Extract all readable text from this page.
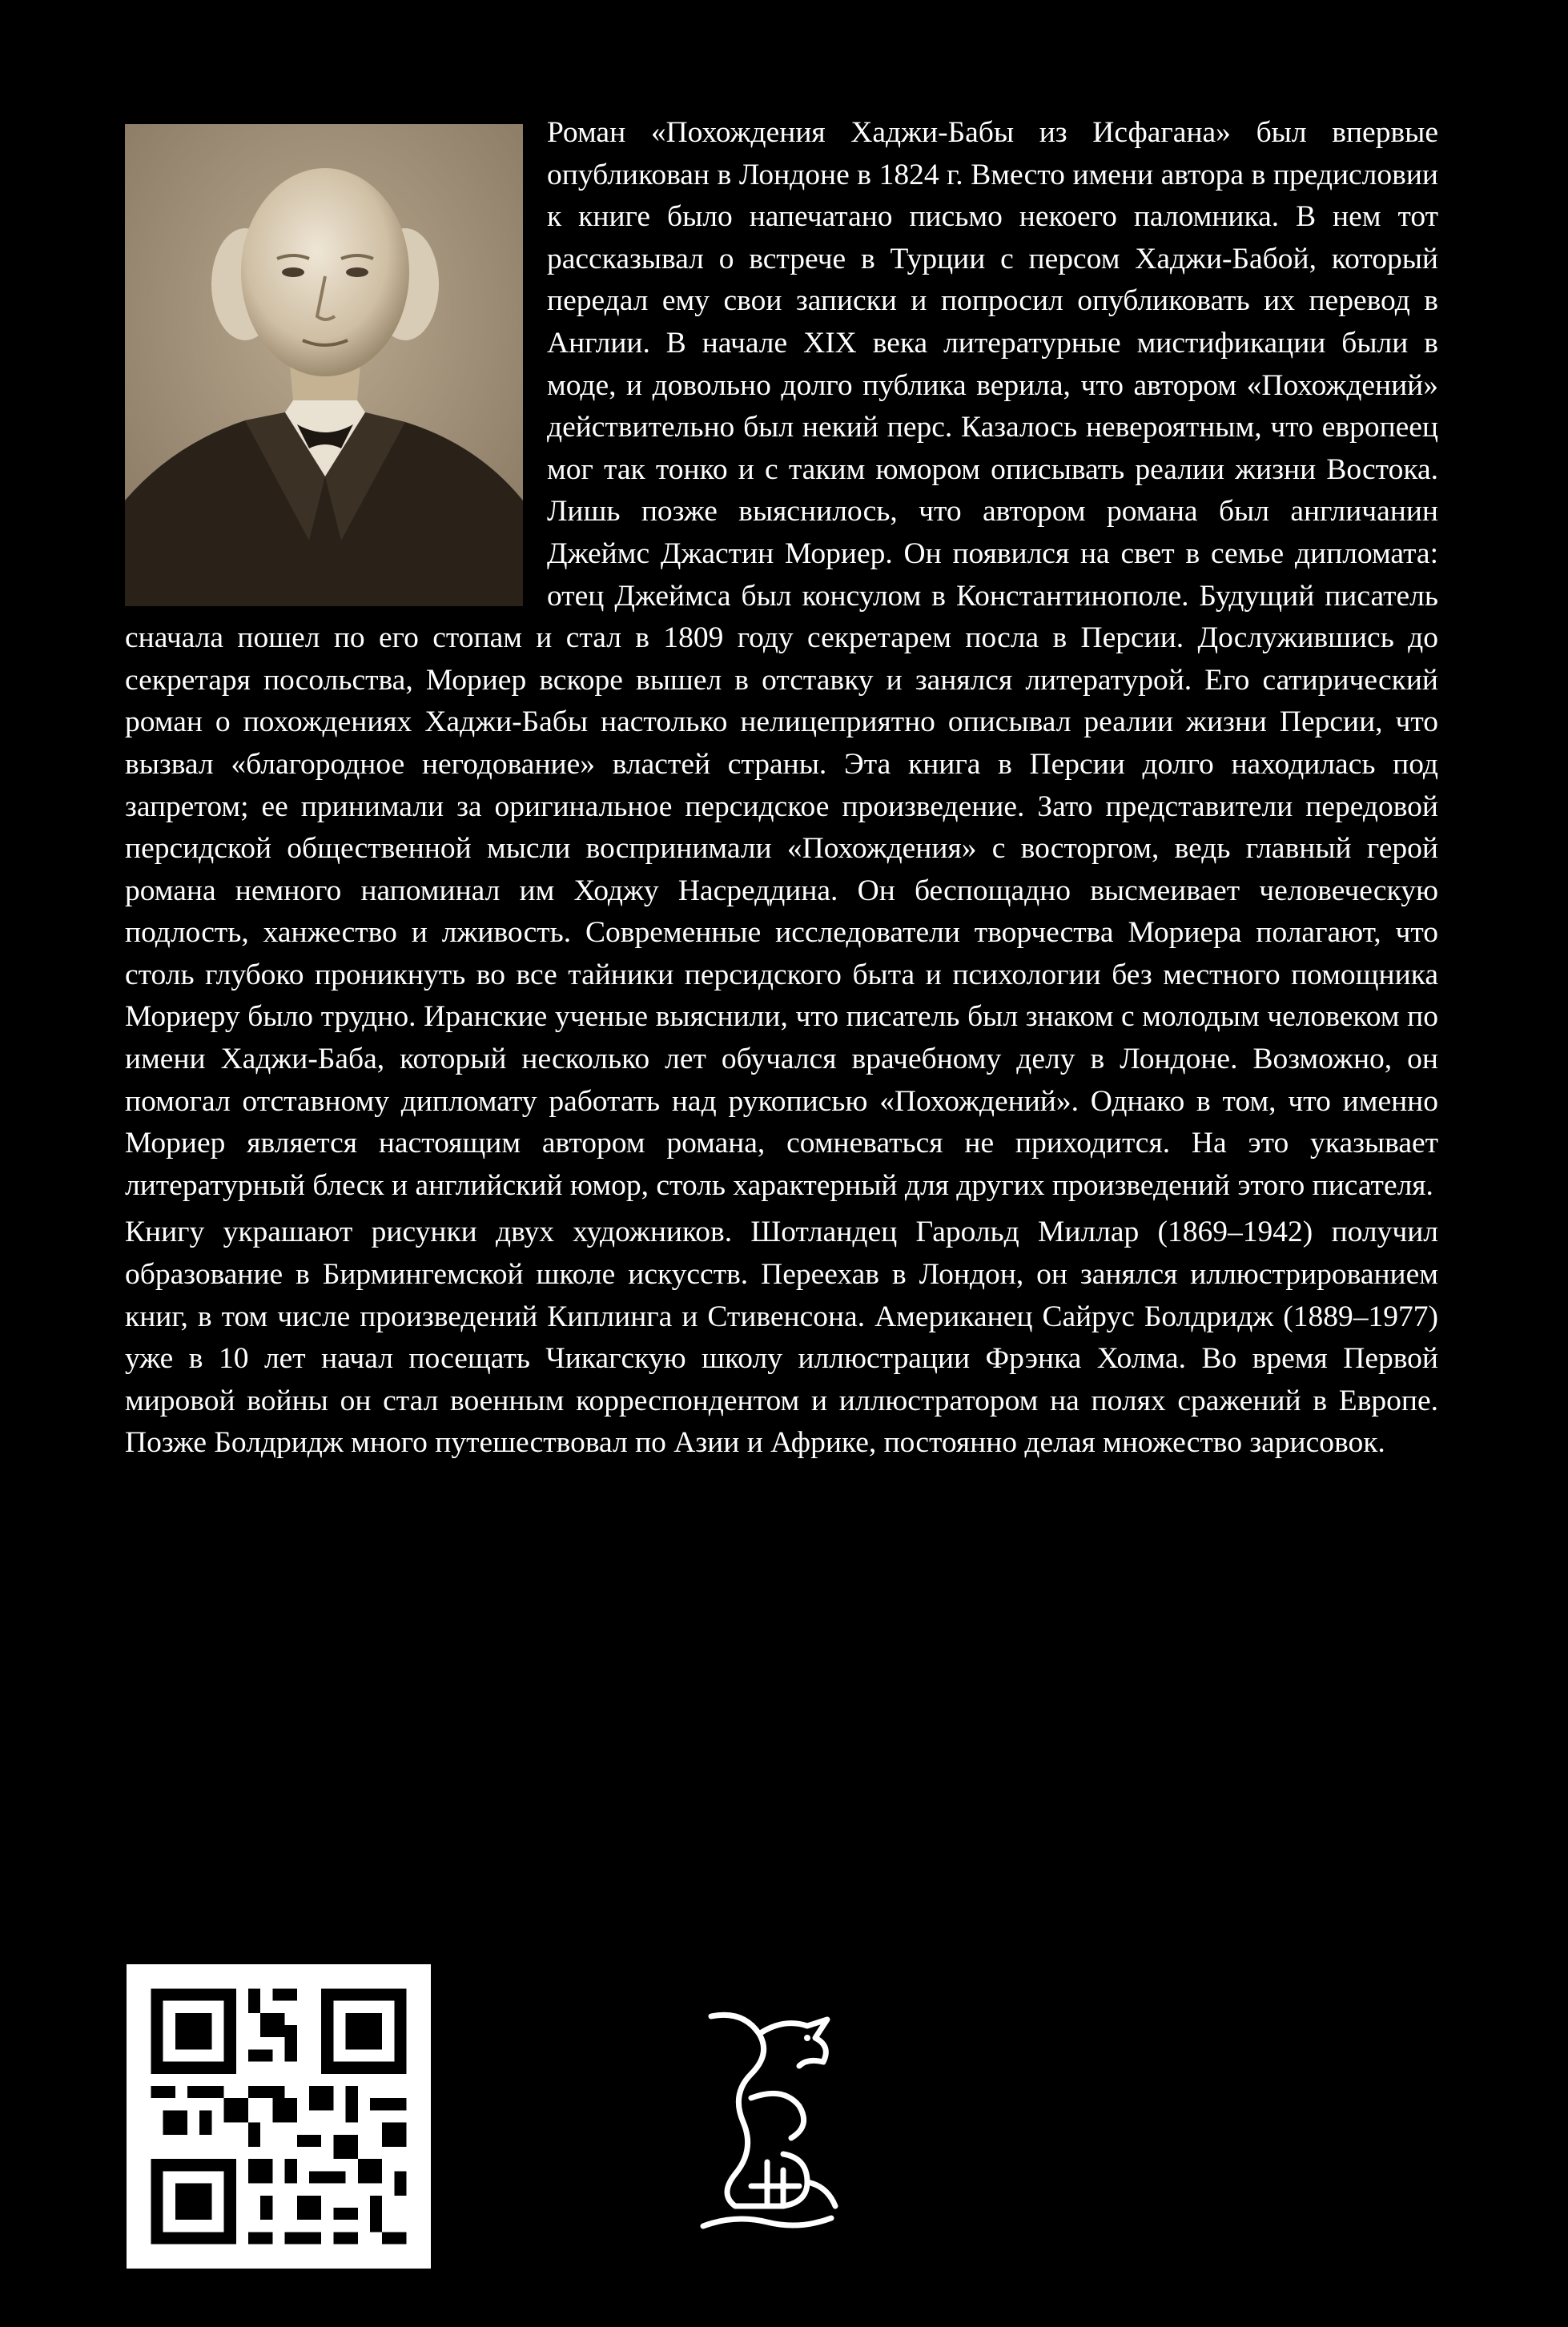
Роман «Похождения Хаджи-Бабы из Исфагана» был впервые опубликован в Лондоне в 1824 г. Вместо имени автора в предисловии к книге было напечатано письмо некоего паломника. В нем тот рассказывал о встрече в Турции с персом Хаджи-Бабой, который передал ему свои записки и попросил опубликовать их перевод в Англии. В начале XIX века литературные мистификации были в моде, и довольно долго публика верила, что автором «Похождений» действительно был некий перс. Казалось невероятным, что европеец мог так тонко и с таким юмором описывать реалии жизни Востока. Лишь позже выяснилось, что автором романа был англичанин Джеймс Джастин Мориер. Он появился на свет в семье дипломата: отец Джеймса был консулом в Константинополе. Будущий писатель сначала пошел по его стопам и стал в 1809 году секретарем посла в Персии. Дослужившись до секретаря посольства, Мориер вскоре вышел в отставку и занялся литературой. Его сатирический роман о похождениях Хаджи-Бабы настолько нелицеприятно описывал реалии жизни Персии, что вызвал «благородное негодование» властей страны. Эта книга в Персии долго находилась под запретом; ее принимали за оригинальное персидское произведение. Зато представители передовой персидской общественной мысли воспринимали «Похождения» с восторгом, ведь главный герой романа немного напоминал им Ходжу Насреддина. Он беспощадно высмеивает человеческую подлость, ханжество и лживость. Современные исследователи творчества Мориера полагают, что столь глубоко проникнуть во все тайники персидского быта и психологии без местного помощника Мориеру было трудно. Иранские ученые выяснили, что писатель был знаком с молодым человеком по имени Хаджи-Баба, который несколько лет обучался врачебному делу в Лондоне. Возможно, он помогал отставному дипломату работать над рукописью «Похождений». Однако в том, что именно Мориер является настоящим автором романа, сомневаться не приходится. На это указывает литературный блеск и английский юмор, столь характерный для других произведений этого писателя.

Книгу украшают рисунки двух художников. Шотландец Гарольд Миллар (1869–1942) получил образование в Бирмингемской школе искусств. Переехав в Лондон, он занялся иллюстрированием книг, в том числе произведений Киплинга и Стивенсона. Американец Сайрус Болдридж (1889–1977) уже в 10 лет начал посещать Чикагскую школу иллюстрации Фрэнка Холма. Во время Первой мировой войны он стал военным корреспондентом и иллюстратором на полях сражений в Европе. Позже Болдридж много путешествовал по Азии и Африке, постоянно делая множество зарисовок.
